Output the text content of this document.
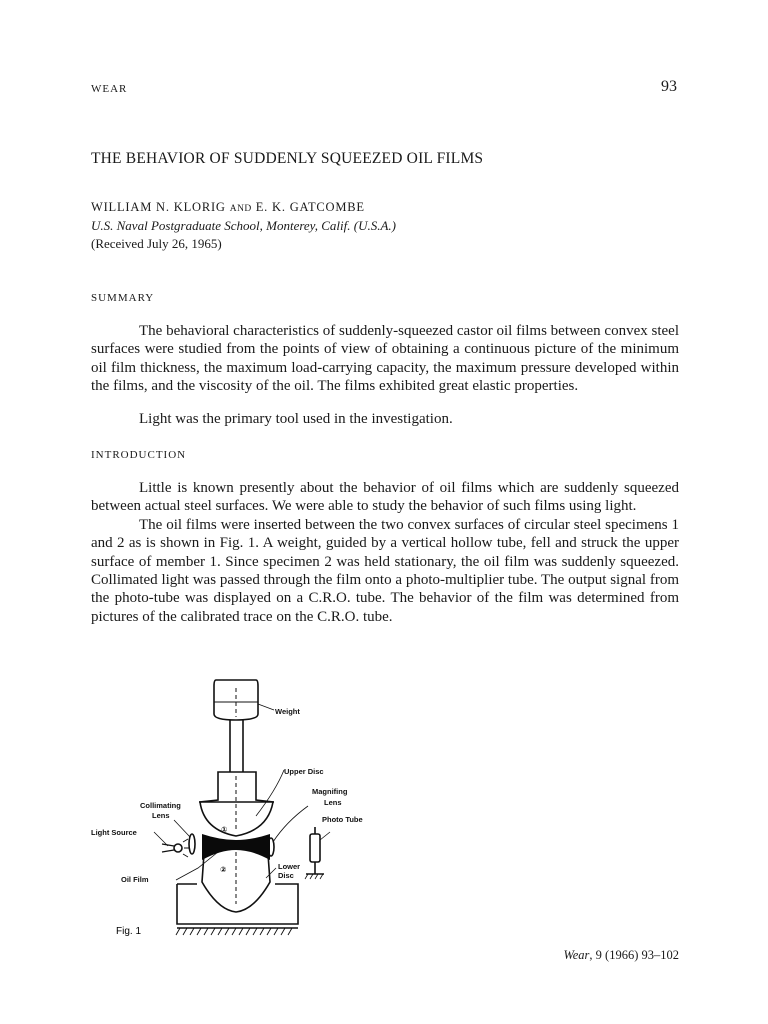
WEAR	93
THE BEHAVIOR OF SUDDENLY SQUEEZED OIL FILMS
WILLIAM N. KLORIG AND E. K. GATCOMBE
U.S. Naval Postgraduate School, Monterey, Calif. (U.S.A.)
(Received July 26, 1965)
SUMMARY

The behavioral characteristics of suddenly-squeezed castor oil films between convex steel surfaces were studied from the points of view of obtaining a continuous picture of the minimum oil film thickness, the maximum load-carrying capacity, the maximum pressure developed within the films, and the viscosity of the oil. The films exhibited great elastic properties.

Light was the primary tool used in the investigation.

INTRODUCTION

Little is known presently about the behavior of oil films which are suddenly squeezed between actual steel surfaces. We were able to study the behavior of such films using light.

The oil films were inserted between the two convex surfaces of circular steel specimens 1 and 2 as is shown in Fig. 1. A weight, guided by a vertical hollow tube, fell and struck the upper surface of member 1. Since specimen 2 was held stationary, the oil film was suddenly squeezed. Collimated light was passed through the film onto a photo-multiplier tube. The output signal from the photo-tube was displayed on a C.R.O. tube. The behavior of the film was determined from pictures of the calibrated trace on the C.R.O. tube.

①
②
Weight
Upper Disc
Magnifing
Lens
Photo Tube
Collimating
Lens
Light Source
Oil Film
Lower
Disc
Fig. 1
Wear, 9 (1966) 93–102
